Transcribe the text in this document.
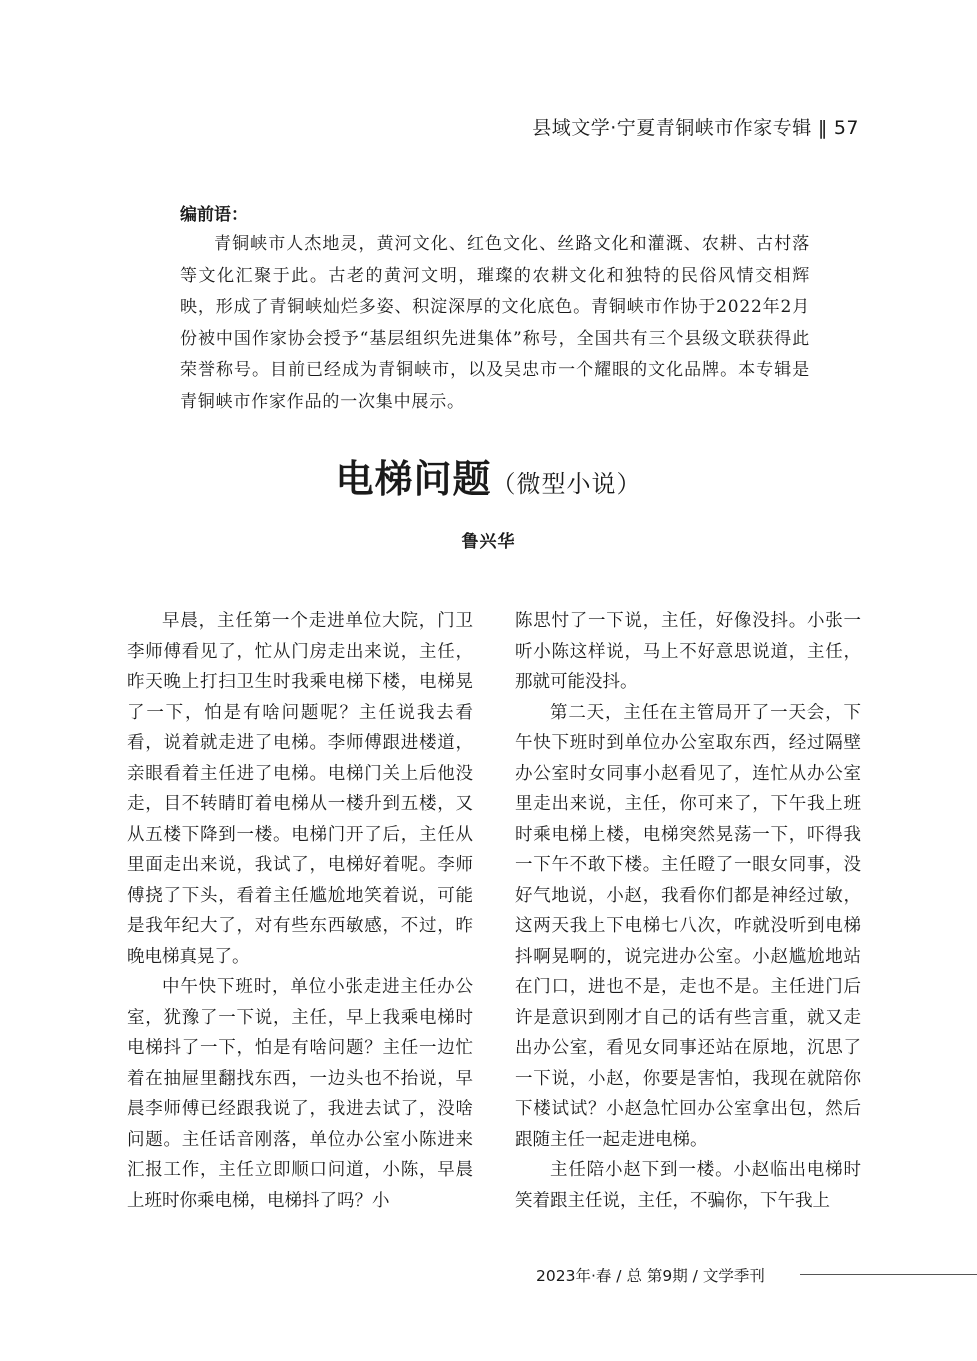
县域文学·宁夏青铜峡市作家专辑 ‖ 57
编前语：

青铜峡市人杰地灵，黄河文化、红色文化、丝路文化和灌溉、农耕、古村落等文化汇聚于此。古老的黄河文明，璀璨的农耕文化和独特的民俗风情交相辉映，形成了青铜峡灿烂多姿、积淀深厚的文化底色。青铜峡市作协于2022年2月份被中国作家协会授予“基层组织先进集体”称号，全国共有三个县级文联获得此荣誉称号。目前已经成为青铜峡市，以及吴忠市一个耀眼的文化品牌。本专辑是青铜峡市作家作品的一次集中展示。

电梯问题（微型小说）
鲁兴华

早晨，主任第一个走进单位大院，门卫李师傅看见了，忙从门房走出来说，主任，昨天晚上打扫卫生时我乘电梯下楼，电梯晃了一下，怕是有啥问题呢？主任说我去看看，说着就走进了电梯。李师傅跟进楼道，亲眼看着主任进了电梯。电梯门关上后他没走，目不转睛盯着电梯从一楼升到五楼，又从五楼下降到一楼。电梯门开了后，主任从里面走出来说，我试了，电梯好着呢。李师傅挠了下头，看着主任尴尬地笑着说，可能是我年纪大了，对有些东西敏感，不过，昨晚电梯真晃了。

中午快下班时，单位小张走进主任办公室，犹豫了一下说，主任，早上我乘电梯时电梯抖了一下，怕是有啥问题？主任一边忙着在抽屉里翻找东西，一边头也不抬说，早晨李师傅已经跟我说了，我进去试了，没啥问题。主任话音刚落，单位办公室小陈进来汇报工作，主任立即顺口问道，小陈，早晨上班时你乘电梯，电梯抖了吗？小

陈思忖了一下说，主任，好像没抖。小张一听小陈这样说，马上不好意思说道，主任，那就可能没抖。

第二天，主任在主管局开了一天会，下午快下班时到单位办公室取东西，经过隔壁办公室时女同事小赵看见了，连忙从办公室里走出来说，主任，你可来了，下午我上班时乘电梯上楼，电梯突然晃荡一下，吓得我一下午不敢下楼。主任瞪了一眼女同事，没好气地说，小赵，我看你们都是神经过敏，这两天我上下电梯七八次，咋就没听到电梯抖啊晃啊的，说完进办公室。小赵尴尬地站在门口，进也不是，走也不是。主任进门后许是意识到刚才自己的话有些言重，就又走出办公室，看见女同事还站在原地，沉思了一下说，小赵，你要是害怕，我现在就陪你下楼试试？小赵急忙回办公室拿出包，然后跟随主任一起走进电梯。

主任陪小赵下到一楼。小赵临出电梯时笑着跟主任说，主任，不骗你，下午我上

2023年·春 / 总 第9期 / 文学季刊
